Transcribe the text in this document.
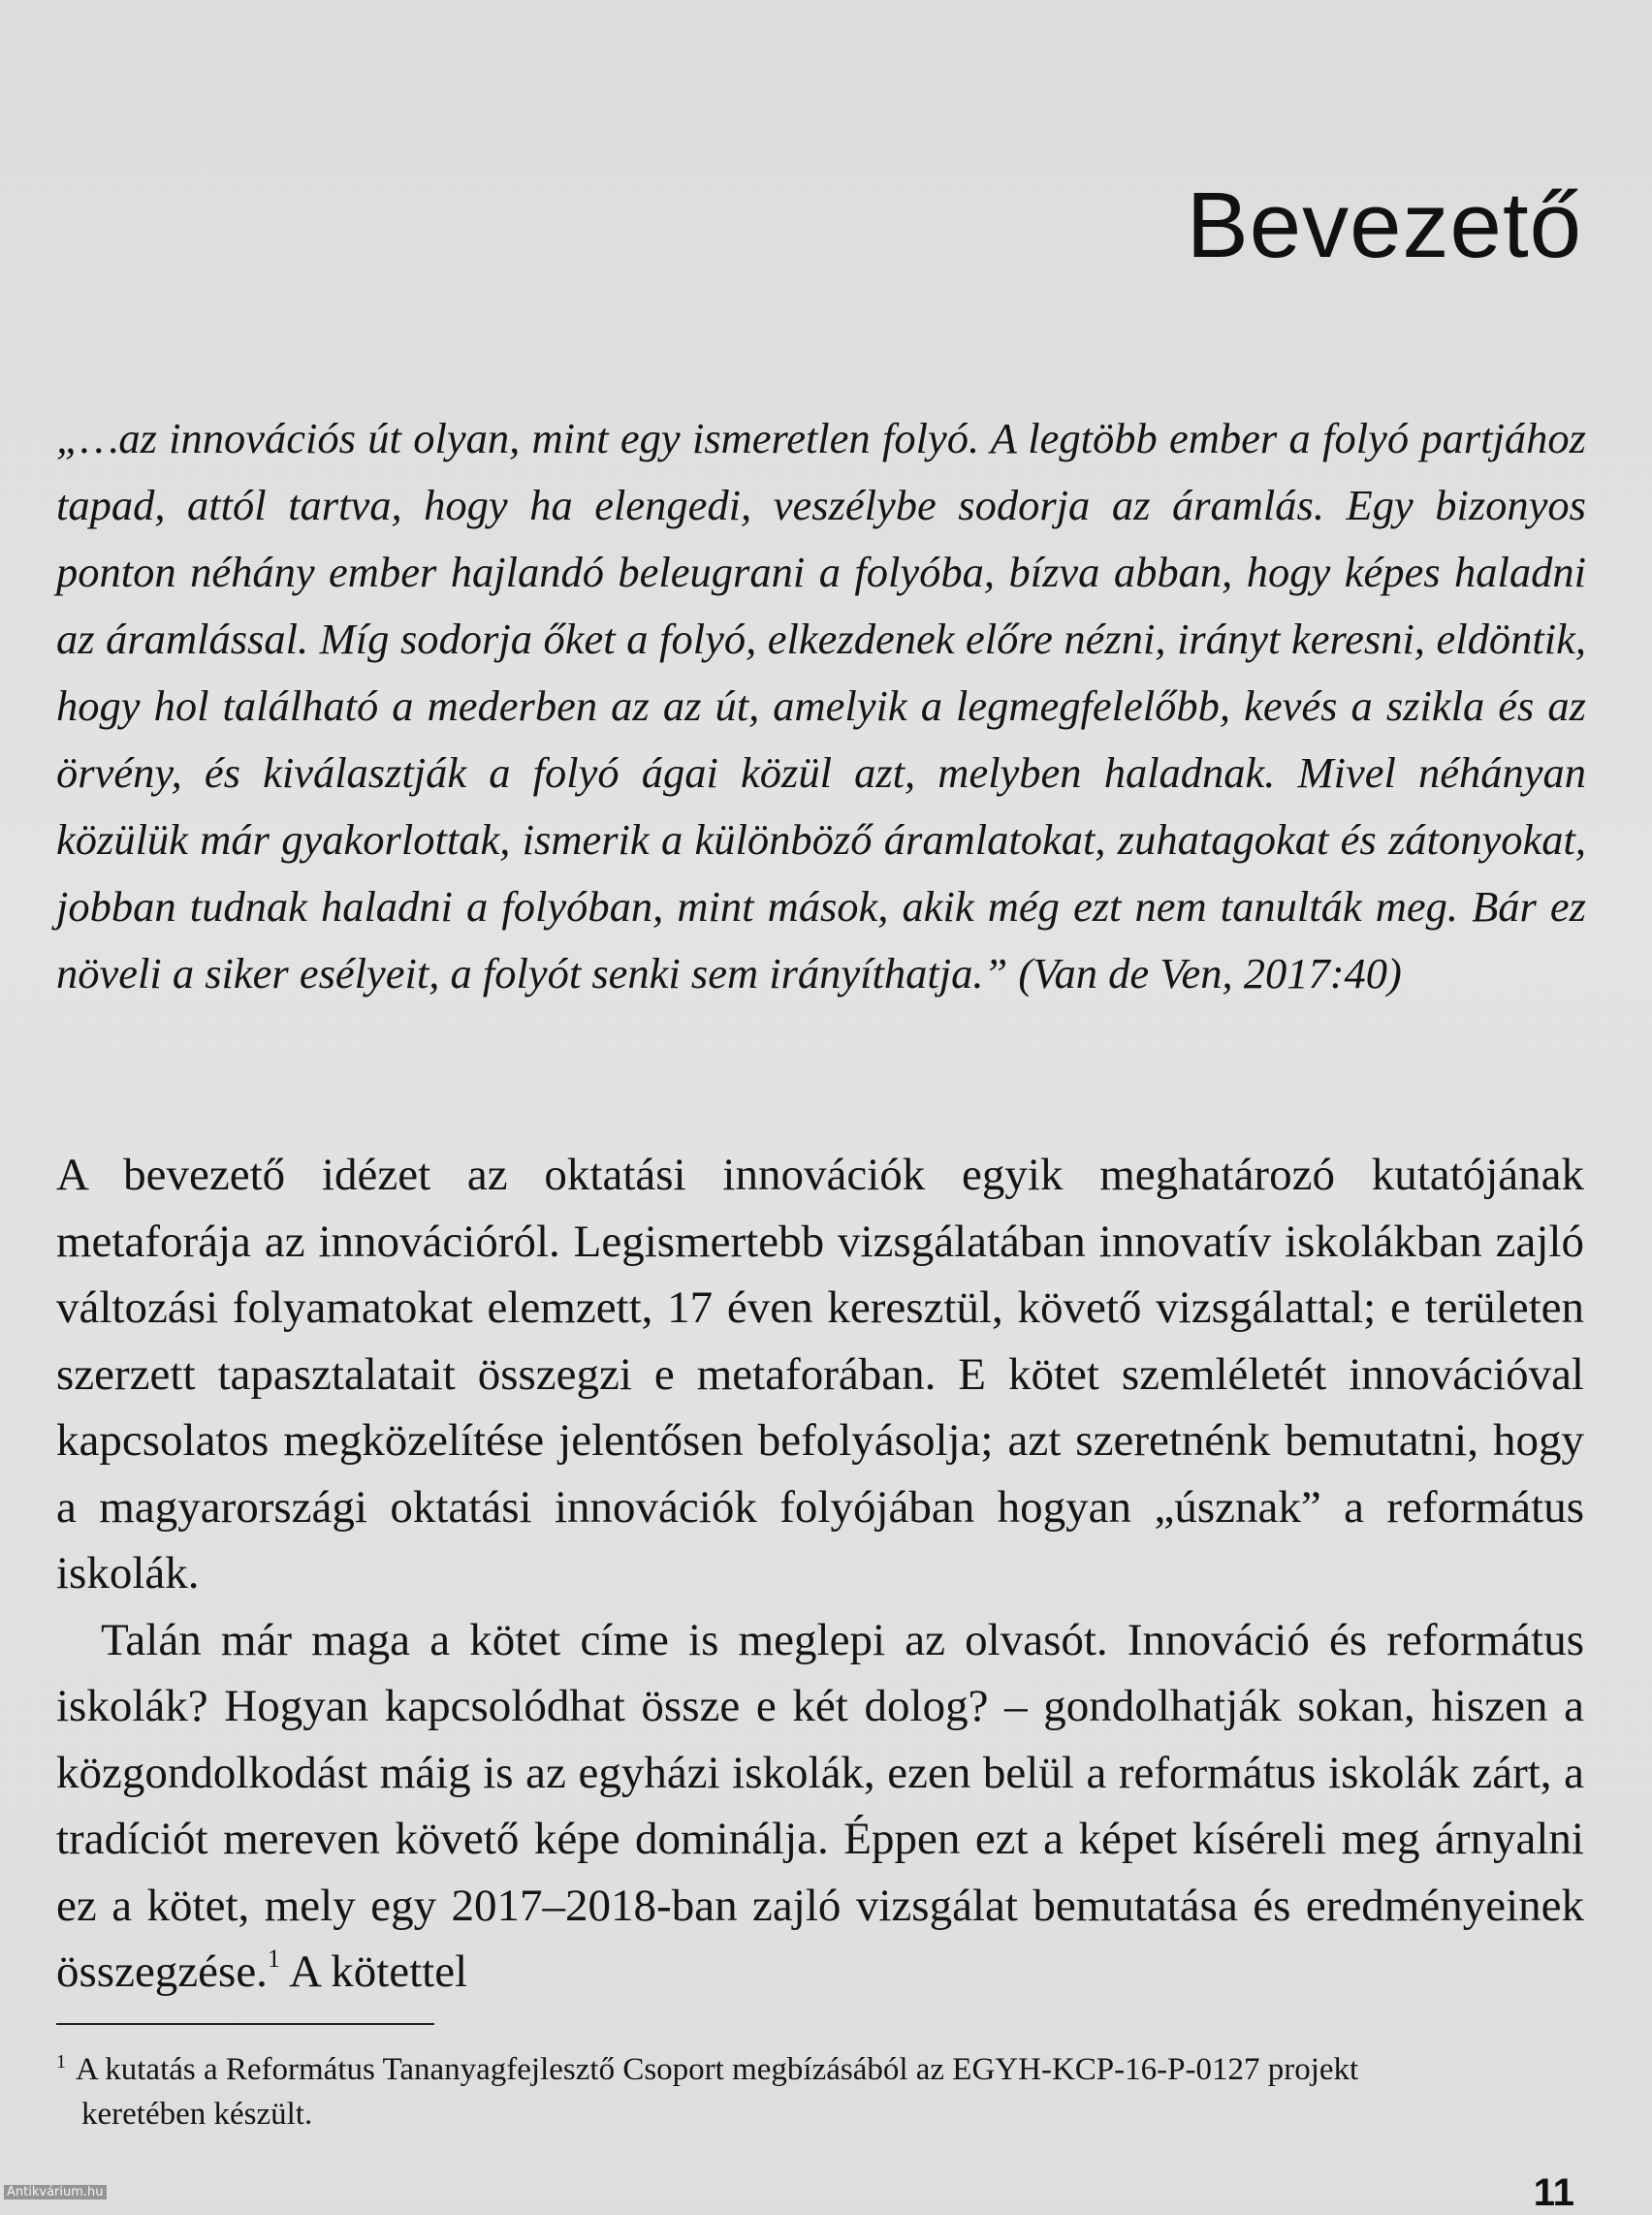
Bevezető

„…az innovációs út olyan, mint egy ismeretlen folyó. A legtöbb ember a folyó partjához tapad, attól tartva, hogy ha elengedi, veszélybe sodorja az áramlás. Egy bizonyos ponton néhány ember hajlandó beleugrani a folyóba, bízva abban, hogy képes haladni az áramlással. Míg sodorja őket a folyó, elkezdenek előre nézni, irányt keresni, eldöntik, hogy hol található a mederben az az út, amelyik a legmegfelelőbb, kevés a szikla és az örvény, és kiválasztják a folyó ágai közül azt, melyben haladnak. Mivel néhányan közülük már gyakorlottak, ismerik a különböző áramlatokat, zuhatagokat és zátonyokat, jobban tudnak haladni a folyóban, mint mások, akik még ezt nem tanulták meg. Bár ez növeli a siker esélyeit, a folyót senki sem irányíthatja.” (Van de Ven, 2017:40)

A bevezető idézet az oktatási innovációk egyik meghatározó kutatójának metaforája az innovációról. Legismertebb vizsgálatában innovatív iskolákban zajló változási folyamatokat elemzett, 17 éven keresztül, követő vizsgálattal; e területen szerzett tapasztalatait összegzi e metaforában. E kötet szemléletét innovációval kapcsolatos megközelítése jelentősen befolyásolja; azt szeretnénk bemutatni, hogy a magyarországi oktatási innovációk folyójában hogyan „úsznak” a református iskolák.

Talán már maga a kötet címe is meglepi az olvasót. Innováció és református iskolák? Hogyan kapcsolódhat össze e két dolog? – gondolhatják sokan, hiszen a közgondolkodást máig is az egyházi iskolák, ezen belül a református iskolák zárt, a tradíciót mereven követő képe dominálja. Éppen ezt a képet kíséreli meg árnyalni ez a kötet, mely egy 2017–2018-ban zajló vizsgálat bemutatása és eredményeinek összegzése.$^1$ A kötettel

$^1$ A kutatás a Református Tananyagfejlesztő Csoport megbízásából az EGYH-KCP-16-P-0127 projekt
keretében készült.

11
Antikvárium.hu
